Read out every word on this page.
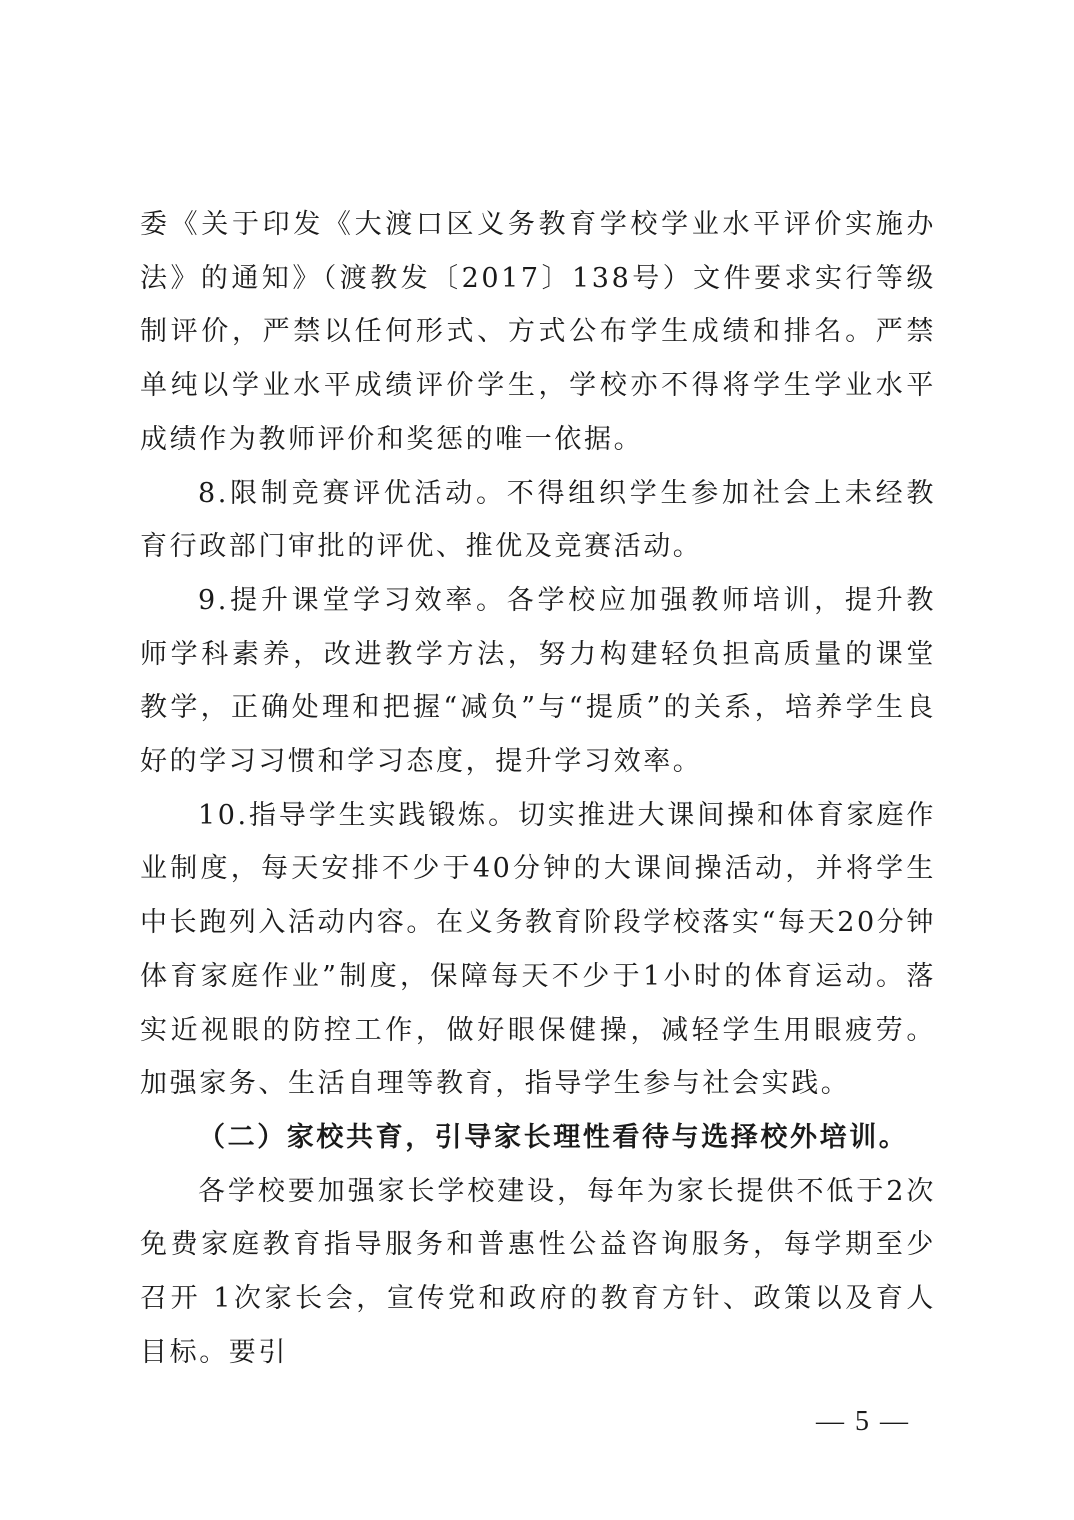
委《关于印发《大渡口区义务教育学校学业水平评价实施办法》的通知》（渡教发〔2017〕138号）文件要求实行等级制评价，严禁以任何形式、方式公布学生成绩和排名。严禁单纯以学业水平成绩评价学生，学校亦不得将学生学业水平成绩作为教师评价和奖惩的唯一依据。

8.限制竞赛评优活动。不得组织学生参加社会上未经教育行政部门审批的评优、推优及竞赛活动。

9.提升课堂学习效率。各学校应加强教师培训，提升教师学科素养，改进教学方法，努力构建轻负担高质量的课堂教学，正确处理和把握“减负”与“提质”的关系，培养学生良好的学习习惯和学习态度，提升学习效率。

10.指导学生实践锻炼。切实推进大课间操和体育家庭作业制度，每天安排不少于40分钟的大课间操活动，并将学生中长跑列入活动内容。在义务教育阶段学校落实“每天20分钟体育家庭作业”制度，保障每天不少于1小时的体育运动。落实近视眼的防控工作，做好眼保健操，减轻学生用眼疲劳。加强家务、生活自理等教育，指导学生参与社会实践。

（二）家校共育，引导家长理性看待与选择校外培训。

各学校要加强家长学校建设，每年为家长提供不低于2次免费家庭教育指导服务和普惠性公益咨询服务，每学期至少召开 1次家长会，宣传党和政府的教育方针、政策以及育人目标。要引

— 5 —
